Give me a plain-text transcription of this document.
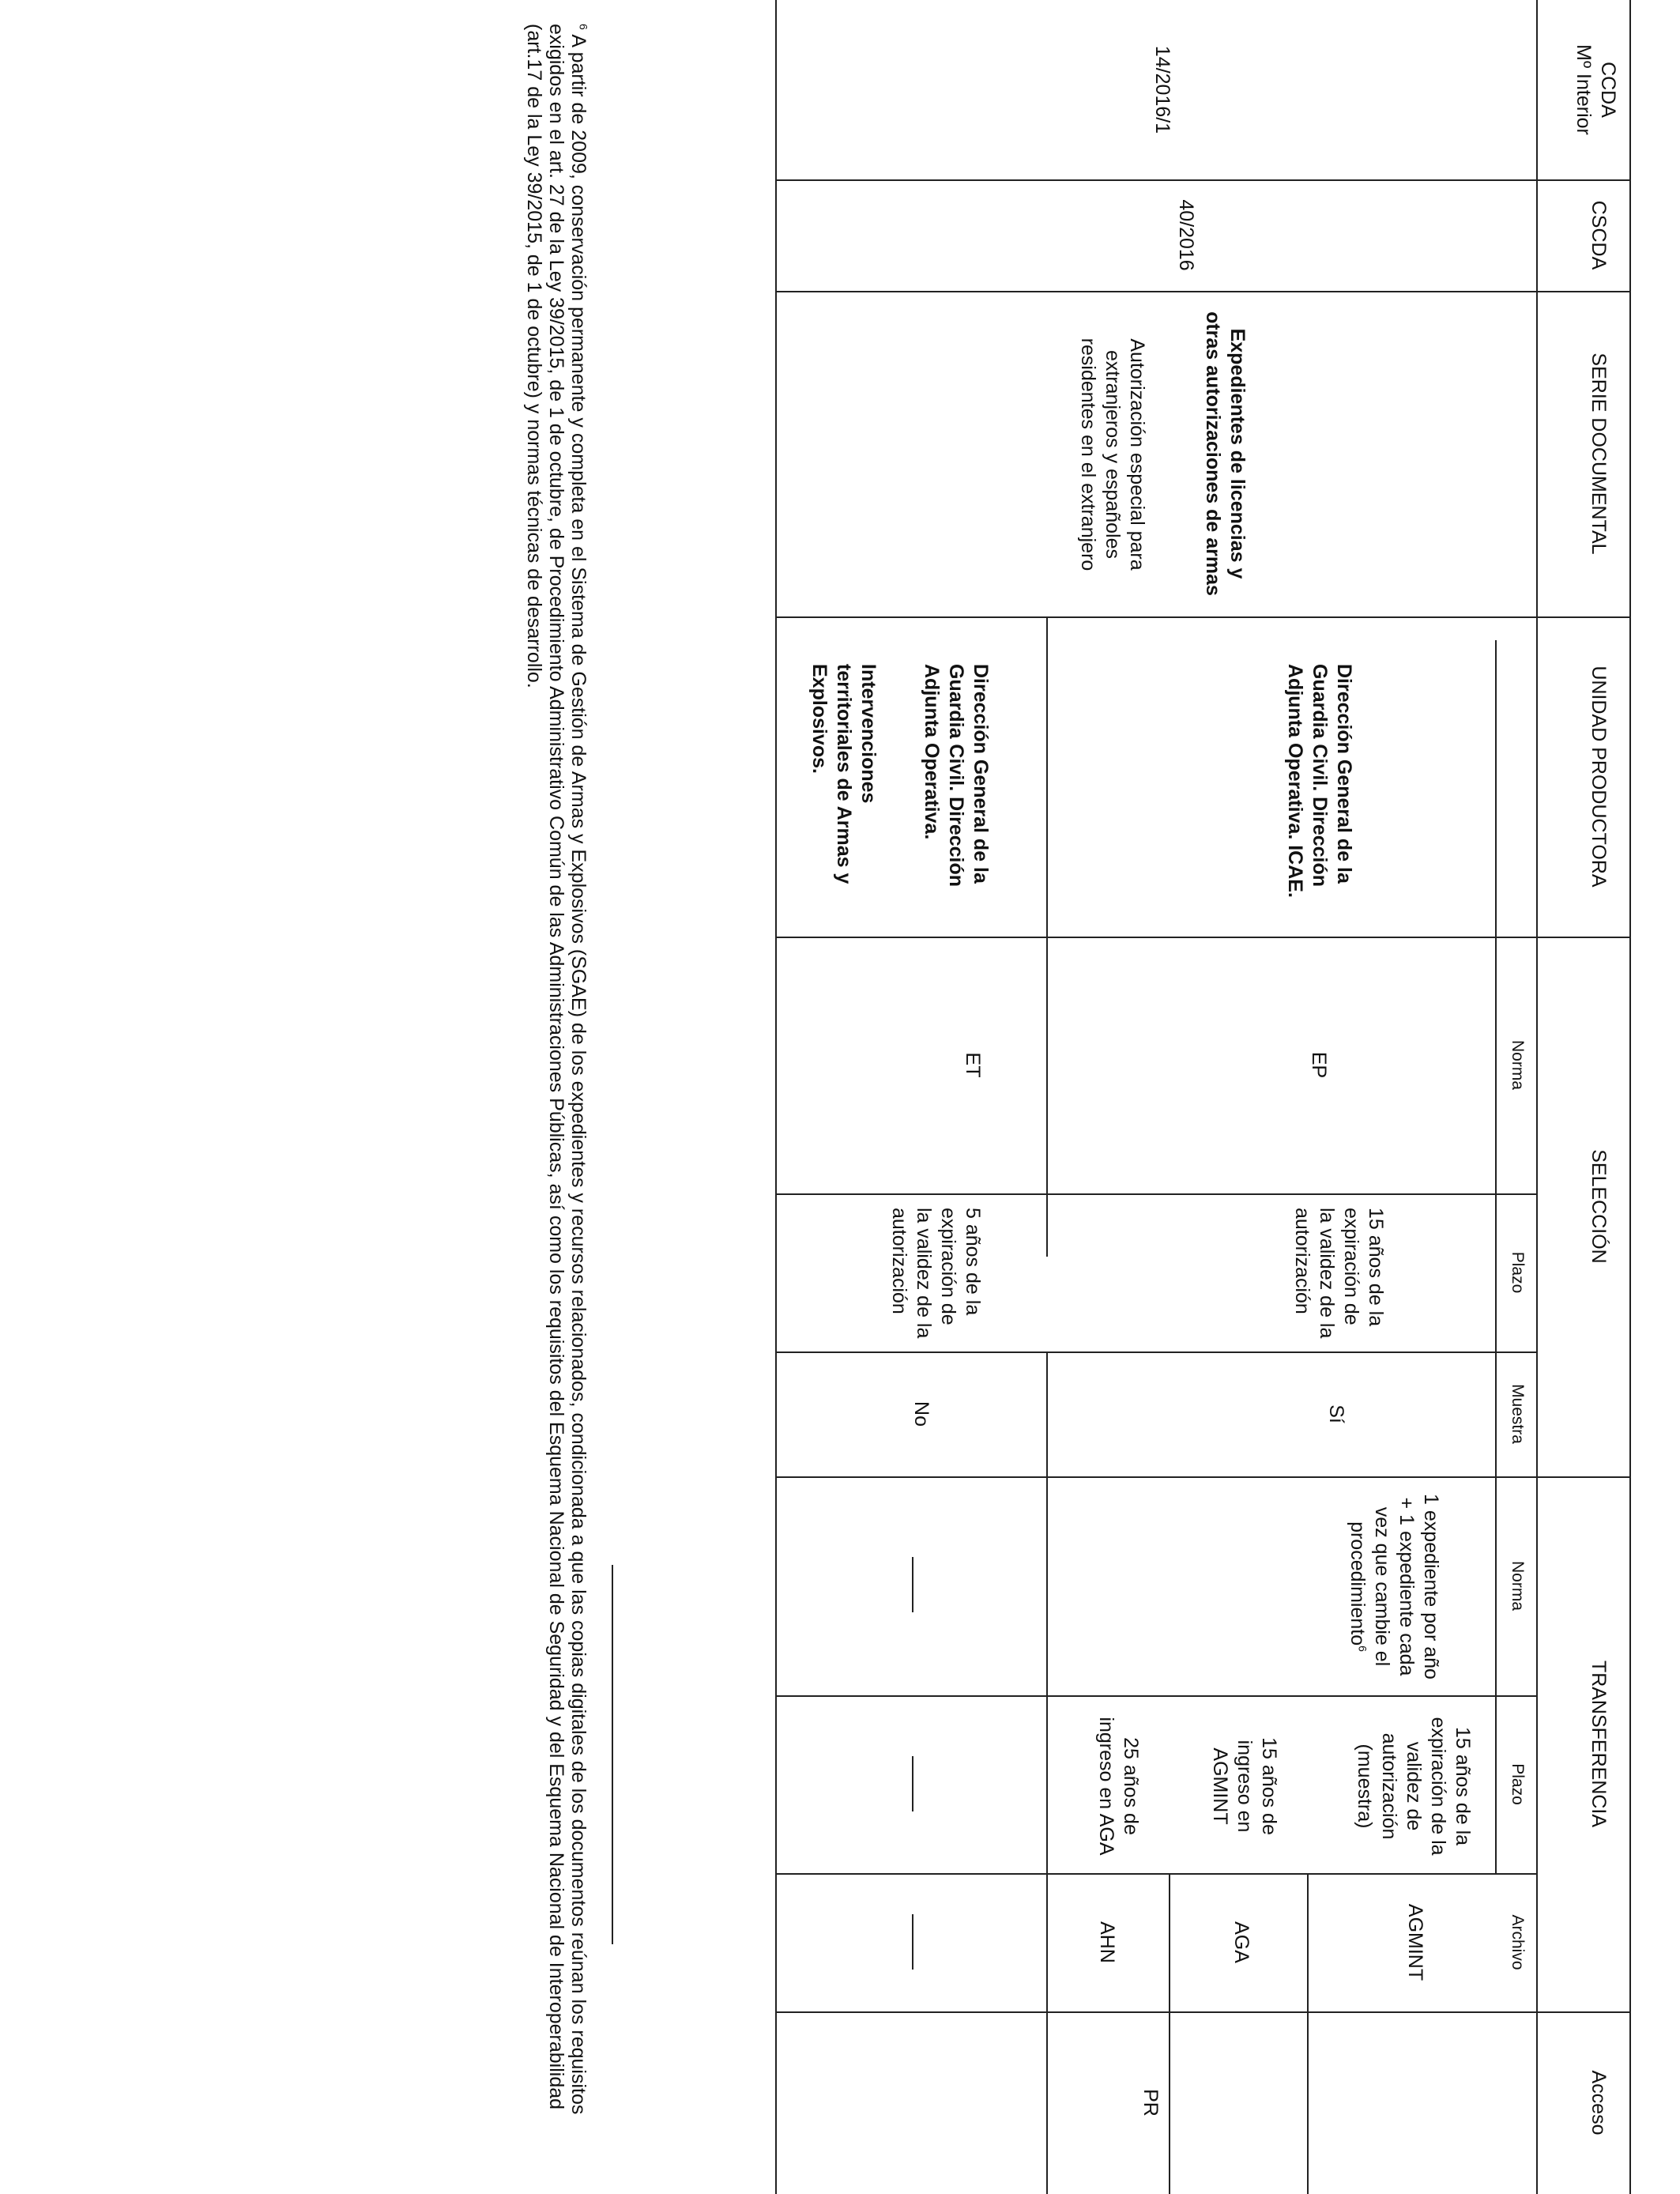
CCDA
Mº Interior
CSCDA
SERIE DOCUMENTAL
UNIDAD PRODUCTORA
SELECCIÓN
TRANSFERENCIA
Acceso
Norma
Plazo
Muestra
Norma
Plazo
Archivo
14/2016/1
40/2016
Expedientes de licencias y otras autorizaciones de armas
Autorización especial para extranjeros y españoles residentes en el extranjero
Dirección General de la Guardia Civil. Dirección Adjunta Operativa. ICAE.
Dirección General de la Guardia Civil. Dirección Adjunta Operativa.
Intervenciones territoriales de Armas y Explosivos.
EP
15 años de la expiración de la validez de la autorización
Sí
ET
5 años de la expiración de la validez de la autorización
No
1 expediente por año + 1 expediente cada vez que cambie el procedimiento$^6$
15 años de la expiración de la validez de autorización (muestra)
AGMINT
15 años de ingreso en AGMINT
AGA
25 años de ingreso en AGA
AHN
PR
$^6$ A partir de 2009, conservación permanente y completa en el Sistema de Gestión de Armas y Explosivos (SGAE) de los expedientes y recursos relacionados, condicionada a que las copias digitales de los documentos reúnan los requisitos exigidos en el art. 27 de la Ley 39/2015, de 1 de octubre, de Procedimiento Administrativo Común de las Administraciones Públicas, así como los requisitos del Esquema Nacional de Seguridad y del Esquema Nacional de Interoperabilidad (art.17 de la Ley 39/2015, de 1 de octubre) y normas técnicas de desarrollo.
